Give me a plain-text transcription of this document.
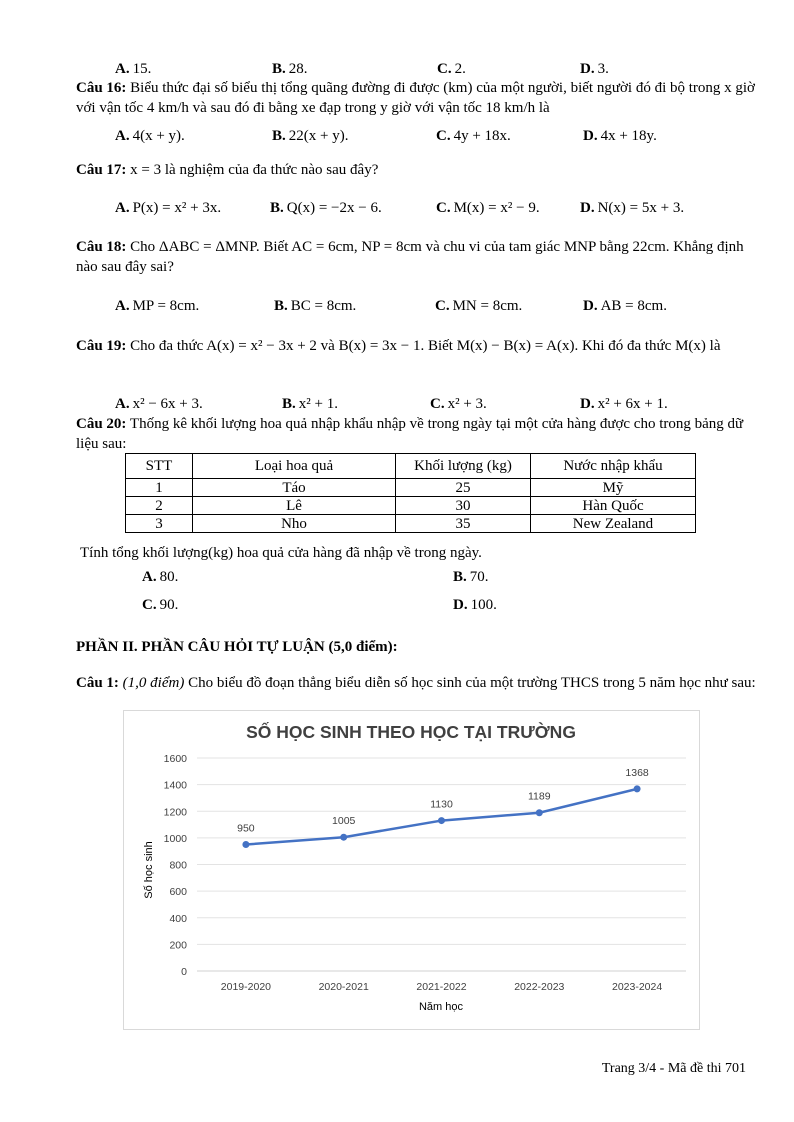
A. 15.	B. 28.	C. 2.	D. 3.
Câu 16: Biểu thức đại số biểu thị tổng quãng đường đi được (km) của một người, biết người đó đi bộ trong x giờ với vận tốc 4 km/h và sau đó đi bằng xe đạp trong y giờ với vận tốc 18 km/h là
A. 4(x + y).	B. 22(x + y).	C. 4y + 18x.	D. 4x + 18y.
Câu 17: x = 3 là nghiệm của đa thức nào sau đây?
A. P(x) = x² + 3x.	B. Q(x) = −2x − 6.	C. M(x) = x² − 9.	D. N(x) = 5x + 3.
Câu 18: Cho ΔABC = ΔMNP. Biết AC = 6cm, NP = 8cm và chu vi của tam giác MNP bằng 22cm. Khẳng định nào sau đây sai?
A. MP = 8cm.	B. BC = 8cm.	C. MN = 8cm.	D. AB = 8cm.
Câu 19: Cho đa thức A(x) = x² − 3x + 2 và B(x) = 3x − 1. Biết M(x) − B(x) = A(x). Khi đó đa thức M(x) là
A. x² − 6x + 3.	B. x² + 1.	C. x² + 3.	D. x² + 6x + 1.
Câu 20: Thống kê khối lượng hoa quả nhập khẩu nhập về trong ngày tại một cửa hàng được cho trong bảng dữ liệu sau:
STT	Loại hoa quả	Khối lượng (kg)	Nước nhập khẩu
1	Táo	25	Mỹ
2	Lê	30	Hàn Quốc
3	Nho	35	New Zealand
Tính tổng khối lượng(kg) hoa quả cửa hàng đã nhập về trong ngày.
A. 80.	B. 70.
C. 90.	D. 100.
PHẦN II. PHẦN CÂU HỎI TỰ LUẬN (5,0 điểm):
Câu 1: (1,0 điểm) Cho biểu đồ đoạn thẳng biểu diễn số học sinh của một trường THCS trong 5 năm học như sau:
SỐ HỌC SINH THEO HỌC TẠI TRƯỜNG
0
200
400
600
800
1000
1200
1400
1600
2019-2020	2020-2021	2021-2022	2022-2023	2023-2024
950
1005
1130
1189
1368
Năm học
Số học sinh
Trang 3/4 - Mã đề thi 701
